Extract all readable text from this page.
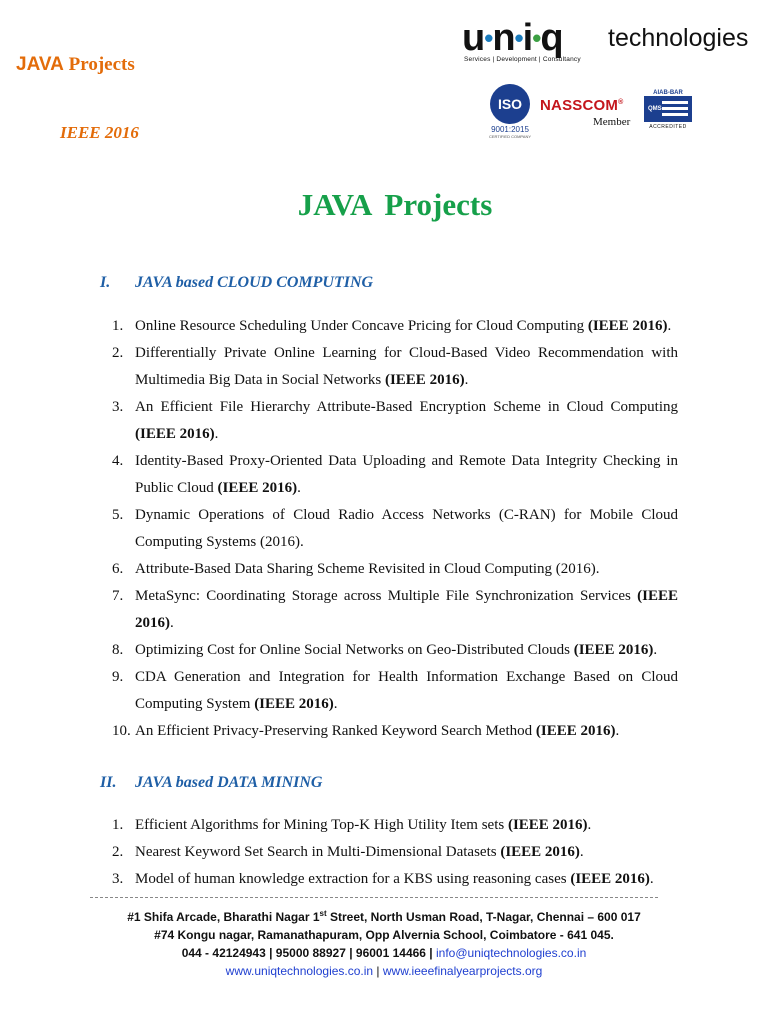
JAVA Projects
IEEE 2016
u•n•i•q technologies
Services | Development | Consultancy
ISO
9001:2015
CERTIFIED COMPANY
NASSCOM®
Member
AIAB-BAR
QMS
ACCREDITED
JAVA Projects
I. JAVA based CLOUD COMPUTING
1. Online Resource Scheduling Under Concave Pricing for Cloud Computing (IEEE 2016).
2. Differentially Private Online Learning for Cloud-Based Video Recommendation with Multimedia Big Data in Social Networks (IEEE 2016).
3. An Efficient File Hierarchy Attribute-Based Encryption Scheme in Cloud Computing (IEEE 2016).
4. Identity-Based Proxy-Oriented Data Uploading and Remote Data Integrity Checking in Public Cloud (IEEE 2016).
5. Dynamic Operations of Cloud Radio Access Networks (C-RAN) for Mobile Cloud Computing Systems (2016).
6. Attribute-Based Data Sharing Scheme Revisited in Cloud Computing (2016).
7. MetaSync: Coordinating Storage across Multiple File Synchronization Services (IEEE 2016).
8. Optimizing Cost for Online Social Networks on Geo-Distributed Clouds (IEEE 2016).
9. CDA Generation and Integration for Health Information Exchange Based on Cloud Computing System (IEEE 2016).
10. An Efficient Privacy-Preserving Ranked Keyword Search Method (IEEE 2016).
II. JAVA based DATA MINING
1. Efficient Algorithms for Mining Top-K High Utility Item sets (IEEE 2016).
2. Nearest Keyword Set Search in Multi-Dimensional Datasets (IEEE 2016).
3. Model of human knowledge extraction for a KBS using reasoning cases (IEEE 2016).
#1 Shifa Arcade, Bharathi Nagar 1st Street, North Usman Road, T-Nagar, Chennai – 600 017
#74 Kongu nagar, Ramanathapuram, Opp Alvernia School, Coimbatore - 641 045.
044 - 42124943 | 95000 88927 | 96001 14466 | info@uniqtechnologies.co.in
www.uniqtechnologies.co.in | www.ieeefinalyearprojects.org
